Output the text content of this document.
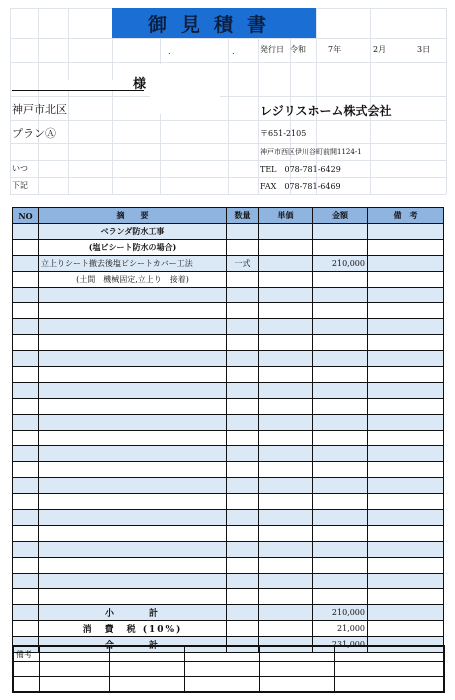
御見積書
.	.	発行日 令和	7年	2月	3日
様
神戸市北区
プランⒶ
いつ
下記
レジリスホーム株式会社
〒651-2105
神戸市西区伊川谷町前開1124-1
TEL　078-781-6429
FAX　078-781-6469
NO	摘　　要	数量	単価	金額	備　考
	ベランダ防水工事				
	(塩ビシート防水の場合)				
	立上りシート撤去後塩ビシートカバー工法	一式		210,000	
	(土間　機械固定,立上り　接着)				

	小　　　計			210,000	
	消　費　税 (10%)			21,000	
	合　　　計			231,000	
備考					
